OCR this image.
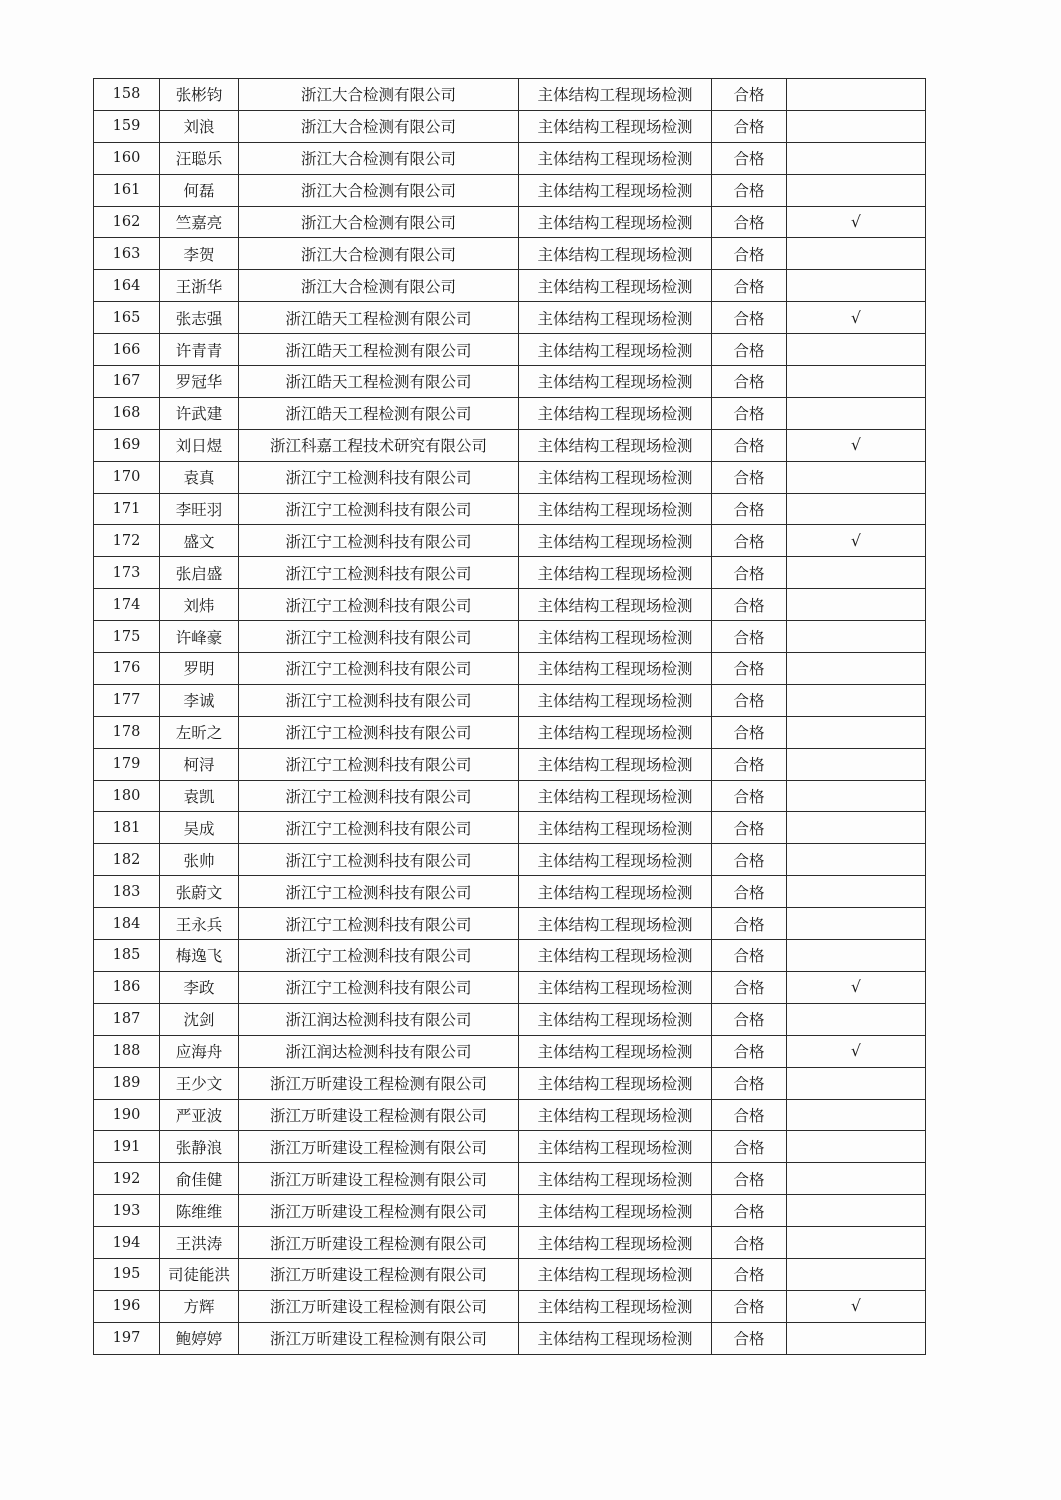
158	张彬钧	浙江大合检测有限公司	主体结构工程现场检测	合格	
159	刘浪	浙江大合检测有限公司	主体结构工程现场检测	合格	
160	汪聪乐	浙江大合检测有限公司	主体结构工程现场检测	合格	
161	何磊	浙江大合检测有限公司	主体结构工程现场检测	合格	
162	竺嘉亮	浙江大合检测有限公司	主体结构工程现场检测	合格	√
163	李贺	浙江大合检测有限公司	主体结构工程现场检测	合格	
164	王浙华	浙江大合检测有限公司	主体结构工程现场检测	合格	
165	张志强	浙江皓天工程检测有限公司	主体结构工程现场检测	合格	√
166	许青青	浙江皓天工程检测有限公司	主体结构工程现场检测	合格	
167	罗冠华	浙江皓天工程检测有限公司	主体结构工程现场检测	合格	
168	许武建	浙江皓天工程检测有限公司	主体结构工程现场检测	合格	
169	刘日煜	浙江科嘉工程技术研究有限公司	主体结构工程现场检测	合格	√
170	袁真	浙江宁工检测科技有限公司	主体结构工程现场检测	合格	
171	李旺羽	浙江宁工检测科技有限公司	主体结构工程现场检测	合格	
172	盛文	浙江宁工检测科技有限公司	主体结构工程现场检测	合格	√
173	张启盛	浙江宁工检测科技有限公司	主体结构工程现场检测	合格	
174	刘炜	浙江宁工检测科技有限公司	主体结构工程现场检测	合格	
175	许峰豪	浙江宁工检测科技有限公司	主体结构工程现场检测	合格	
176	罗明	浙江宁工检测科技有限公司	主体结构工程现场检测	合格	
177	李诚	浙江宁工检测科技有限公司	主体结构工程现场检测	合格	
178	左昕之	浙江宁工检测科技有限公司	主体结构工程现场检测	合格	
179	柯浔	浙江宁工检测科技有限公司	主体结构工程现场检测	合格	
180	袁凯	浙江宁工检测科技有限公司	主体结构工程现场检测	合格	
181	吴成	浙江宁工检测科技有限公司	主体结构工程现场检测	合格	
182	张帅	浙江宁工检测科技有限公司	主体结构工程现场检测	合格	
183	张蔚文	浙江宁工检测科技有限公司	主体结构工程现场检测	合格	
184	王永兵	浙江宁工检测科技有限公司	主体结构工程现场检测	合格	
185	梅逸飞	浙江宁工检测科技有限公司	主体结构工程现场检测	合格	
186	李政	浙江宁工检测科技有限公司	主体结构工程现场检测	合格	√
187	沈剑	浙江润达检测科技有限公司	主体结构工程现场检测	合格	
188	应海舟	浙江润达检测科技有限公司	主体结构工程现场检测	合格	√
189	王少文	浙江万昕建设工程检测有限公司	主体结构工程现场检测	合格	
190	严亚波	浙江万昕建设工程检测有限公司	主体结构工程现场检测	合格	
191	张静浪	浙江万昕建设工程检测有限公司	主体结构工程现场检测	合格	
192	俞佳健	浙江万昕建设工程检测有限公司	主体结构工程现场检测	合格	
193	陈维维	浙江万昕建设工程检测有限公司	主体结构工程现场检测	合格	
194	王洪涛	浙江万昕建设工程检测有限公司	主体结构工程现场检测	合格	
195	司徒能洪	浙江万昕建设工程检测有限公司	主体结构工程现场检测	合格	
196	方辉	浙江万昕建设工程检测有限公司	主体结构工程现场检测	合格	√
197	鲍婷婷	浙江万昕建设工程检测有限公司	主体结构工程现场检测	合格	
